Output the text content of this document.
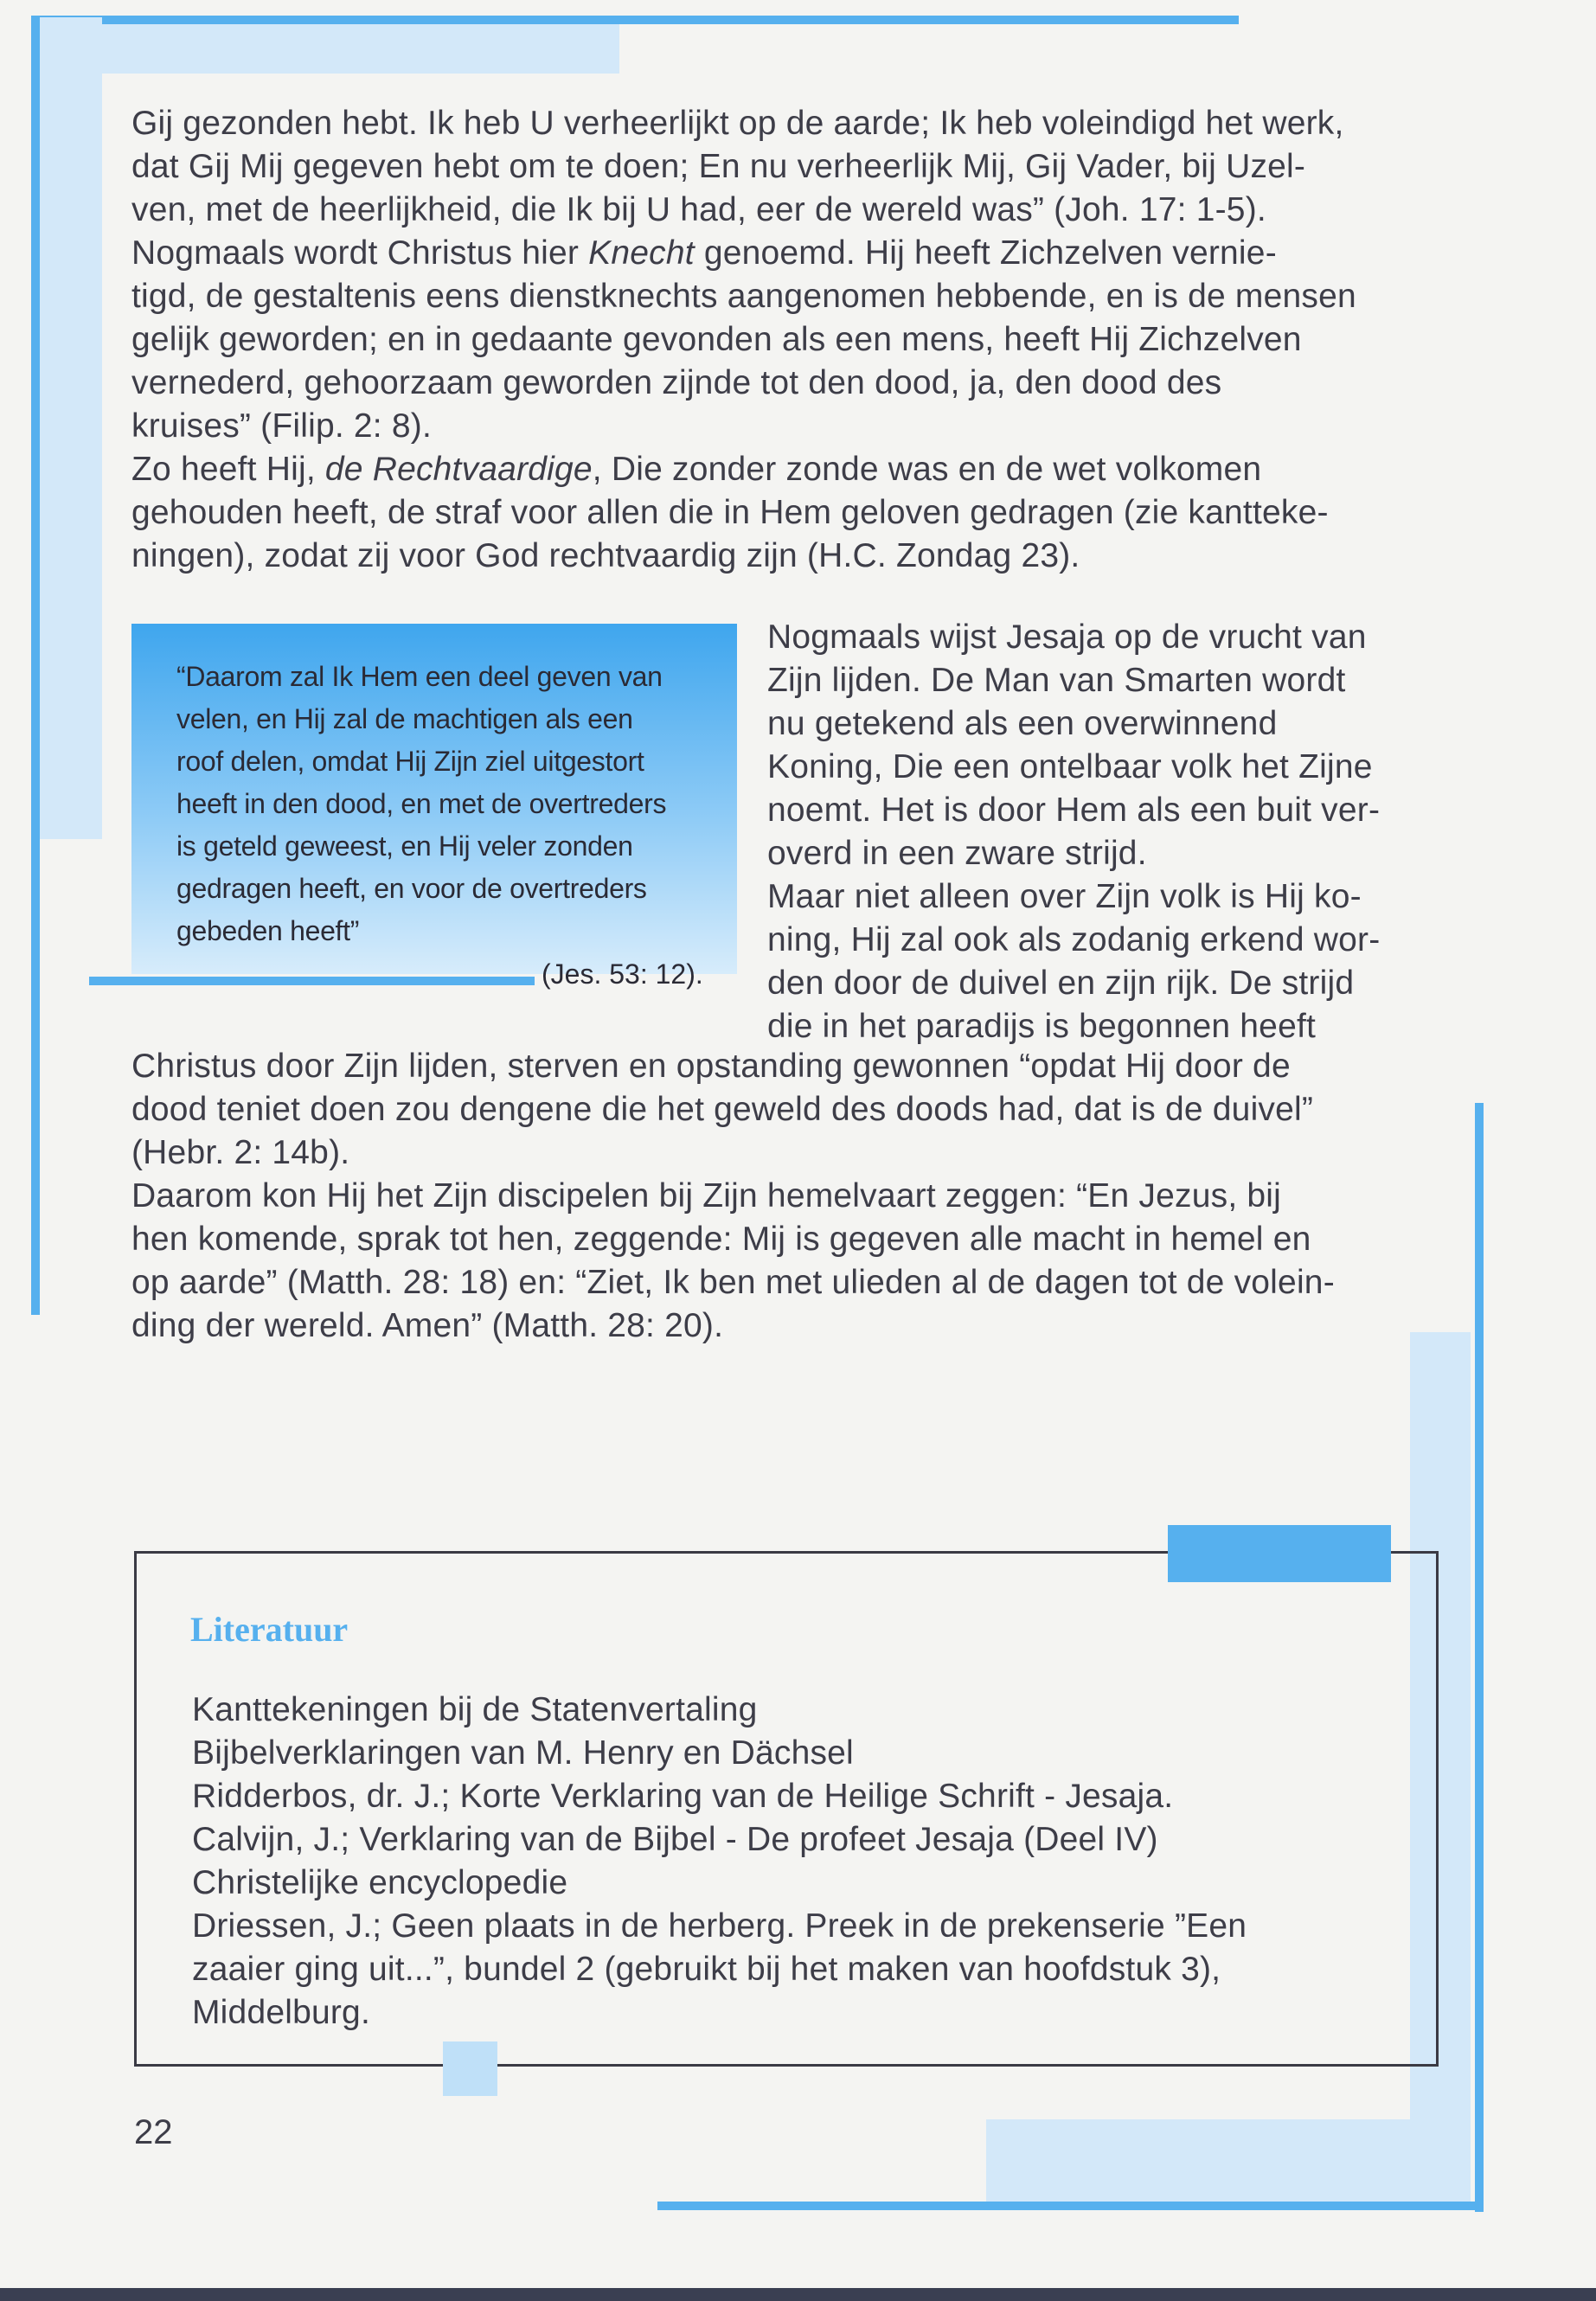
Gij gezonden hebt. Ik heb U verheerlijkt op de aarde; Ik heb voleindigd het werk,
dat Gij Mij gegeven hebt om te doen; En nu verheerlijk Mij, Gij Vader, bij Uzel-
ven, met de heerlijkheid, die Ik bij U had, eer de wereld was” (Joh. 17: 1-5).
Nogmaals wordt Christus hier Knecht genoemd. Hij heeft Zichzelven vernie-
tigd, de gestaltenis eens dienstknechts aangenomen hebbende, en is de mensen
gelijk geworden; en in gedaante gevonden als een mens, heeft Hij Zichzelven
vernederd, gehoorzaam geworden zijnde tot den dood, ja, den dood des
kruises” (Filip. 2: 8).
Zo heeft Hij, de Rechtvaardige, Die zonder zonde was en de wet volkomen
gehouden heeft, de straf voor allen die in Hem geloven gedragen (zie kantteke-
ningen), zodat zij voor God rechtvaardig zijn (H.C. Zondag 23).
“Daarom zal Ik Hem een deel geven van
velen, en Hij zal de machtigen als een
roof delen, omdat Hij Zijn ziel uitgestort
heeft in den dood, en met de overtreders
is geteld geweest, en Hij veler zonden
gedragen heeft, en voor de overtreders
gebeden heeft”
(Jes. 53: 12).
Nogmaals wijst Jesaja op de vrucht van
Zijn lijden. De Man van Smarten wordt
nu getekend als een overwinnend
Koning, Die een ontelbaar volk het Zijne
noemt. Het is door Hem als een buit ver-
overd in een zware strijd.
Maar niet alleen over Zijn volk is Hij ko-
ning, Hij zal ook als zodanig erkend wor-
den door de duivel en zijn rijk. De strijd
die in het paradijs is begonnen heeft
Christus door Zijn lijden, sterven en opstanding gewonnen “opdat Hij door de
dood teniet doen zou dengene die het geweld des doods had, dat is de duivel”
(Hebr. 2: 14b).
Daarom kon Hij het Zijn discipelen bij Zijn hemelvaart zeggen: “En Jezus, bij
hen komende, sprak tot hen, zeggende: Mij is gegeven alle macht in hemel en
op aarde” (Matth. 28: 18) en: “Ziet, Ik ben met ulieden al de dagen tot de volein-
ding der wereld. Amen” (Matth. 28: 20).
Literatuur
Kanttekeningen bij de Statenvertaling
Bijbelverklaringen van M. Henry en Dächsel
Ridderbos, dr. J.; Korte Verklaring van de Heilige Schrift - Jesaja.
Calvijn, J.; Verklaring van de Bijbel - De profeet Jesaja (Deel IV)
Christelijke encyclopedie
Driessen, J.; Geen plaats in de herberg. Preek in de prekenserie ”Een
zaaier ging uit...”, bundel 2 (gebruikt bij het maken van hoofdstuk 3),
Middelburg.
22
